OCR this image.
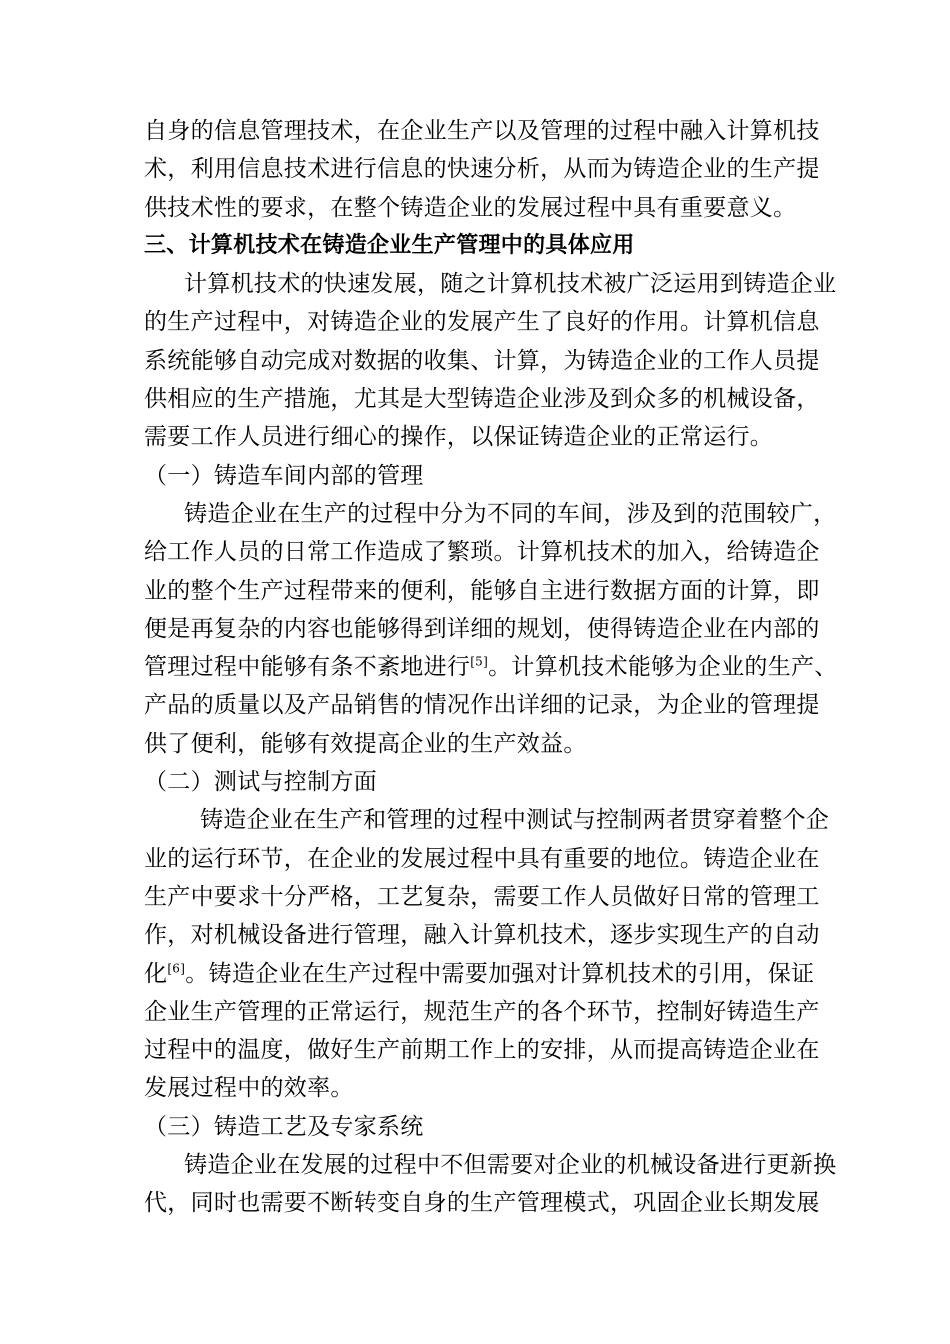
自身的信息管理技术，在企业生产以及管理的过程中融入计算机技
术，利用信息技术进行信息的快速分析，从而为铸造企业的生产提
供技术性的要求，在整个铸造企业的发展过程中具有重要意义。
三、计算机技术在铸造企业生产管理中的具体应用
计算机技术的快速发展，随之计算机技术被广泛运用到铸造企业
的生产过程中，对铸造企业的发展产生了良好的作用。计算机信息
系统能够自动完成对数据的收集、计算，为铸造企业的工作人员提
供相应的生产措施，尤其是大型铸造企业涉及到众多的机械设备，
需要工作人员进行细心的操作，以保证铸造企业的正常运行。
（一）铸造车间内部的管理
铸造企业在生产的过程中分为不同的车间，涉及到的范围较广，
给工作人员的日常工作造成了繁琐。计算机技术的加入，给铸造企
业的整个生产过程带来的便利，能够自主进行数据方面的计算，即
便是再复杂的内容也能够得到详细的规划，使得铸造企业在内部的
管理过程中能够有条不紊地进行[5]。计算机技术能够为企业的生产、
产品的质量以及产品销售的情况作出详细的记录，为企业的管理提
供了便利，能够有效提高企业的生产效益。
（二）测试与控制方面
铸造企业在生产和管理的过程中测试与控制两者贯穿着整个企
业的运行环节，在企业的发展过程中具有重要的地位。铸造企业在
生产中要求十分严格，工艺复杂，需要工作人员做好日常的管理工
作，对机械设备进行管理，融入计算机技术，逐步实现生产的自动
化[6]。铸造企业在生产过程中需要加强对计算机技术的引用，保证
企业生产管理的正常运行，规范生产的各个环节，控制好铸造生产
过程中的温度，做好生产前期工作上的安排，从而提高铸造企业在
发展过程中的效率。
（三）铸造工艺及专家系统
铸造企业在发展的过程中不但需要对企业的机械设备进行更新换
代，同时也需要不断转变自身的生产管理模式，巩固企业长期发展
